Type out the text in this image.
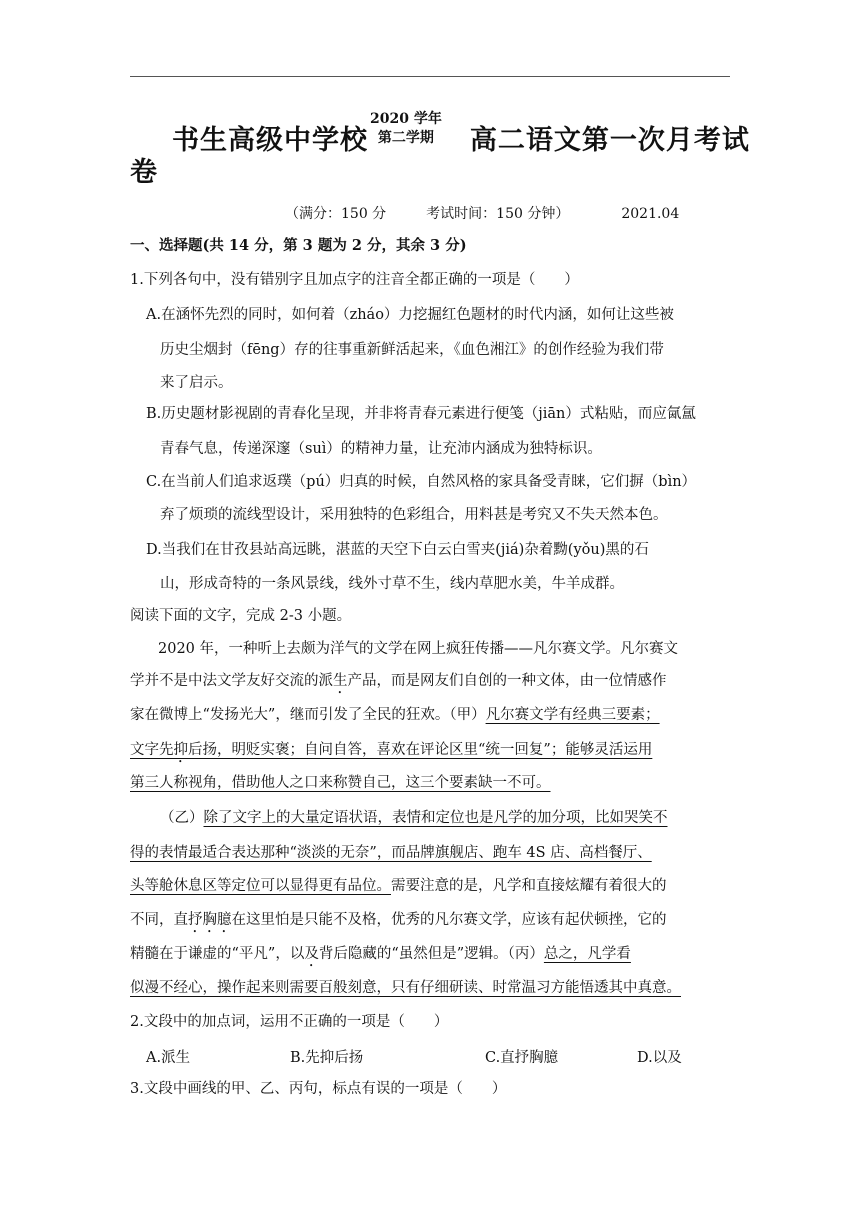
书生高级中学校2020 学年
第二学期 高二语文第一次月考试
卷
（满分：150 分	考试时间：150 分钟）	2021.04
一、选择题(共 14 分，第 3 题为 2 分，其余 3 分)
1.下列各句中，没有错别字且加点字的注音全都正确的一项是（　　）
A.在涵怀先烈的同时，如何着（zháo）力挖掘红色题材的时代内涵，如何让这些被
历史尘烟封（fēng）存的往事重新鲜活起来，《血色湘江》的创作经验为我们带
来了启示。
B.历史题材影视剧的青春化呈现，并非将青春元素进行便笺（jiān）式粘贴，而应氤氲
青春气息，传递深邃（suì）的精神力量，让充沛内涵成为独特标识。
C.在当前人们追求返璞（pú）归真的时候，自然风格的家具备受青睐，它们摒（bìn）
弃了烦琐的流线型设计，采用独特的色彩组合，用料甚是考究又不失天然本色。
D.当我们在甘孜县站高远眺，湛蓝的天空下白云白雪夹(jiá)杂着黝(yǒu)黑的石
山，形成奇特的一条风景线，线外寸草不生，线内草肥水美，牛羊成群。
阅读下面的文字，完成 2-3 小题。
2020 年，一种听上去颇为洋气的文学在网上疯狂传播——凡尔赛文学。凡尔赛文
学并不是中法文学友好交流的派生产品，而是网友们自创的一种文体，由一位情感作
家在微博上“发扬光大”，继而引发了全民的狂欢。（甲）凡尔赛文学有经典三要素；
文字先抑后扬，明贬实褒；自问自答，喜欢在评论区里“统一回复”；能够灵活运用
第三人称视角，借助他人之口来称赞自己，这三个要素缺一不可。
（乙）除了文字上的大量定语状语，表情和定位也是凡学的加分项，比如哭笑不
得的表情最适合表达那种“淡淡的无奈”，而品牌旗舰店、跑车 4S 店、高档餐厅、
头等舱休息区等定位可以显得更有品位。需要注意的是，凡学和直接炫耀有着很大的
不同，直抒胸臆在这里怕是只能不及格，优秀的凡尔赛文学，应该有起伏顿挫，它的
精髓在于谦虚的“平凡”，以及背后隐藏的“虽然但是”逻辑。（丙）总之，凡学看
似漫不经心，操作起来则需要百般刻意，只有仔细研读、时常温习方能悟透其中真意。
2.文段中的加点词，运用不正确的一项是（　　）
A.派生	B.先抑后扬	C.直抒胸臆	D.以及
3.文段中画线的甲、乙、丙句，标点有误的一项是（　　）
